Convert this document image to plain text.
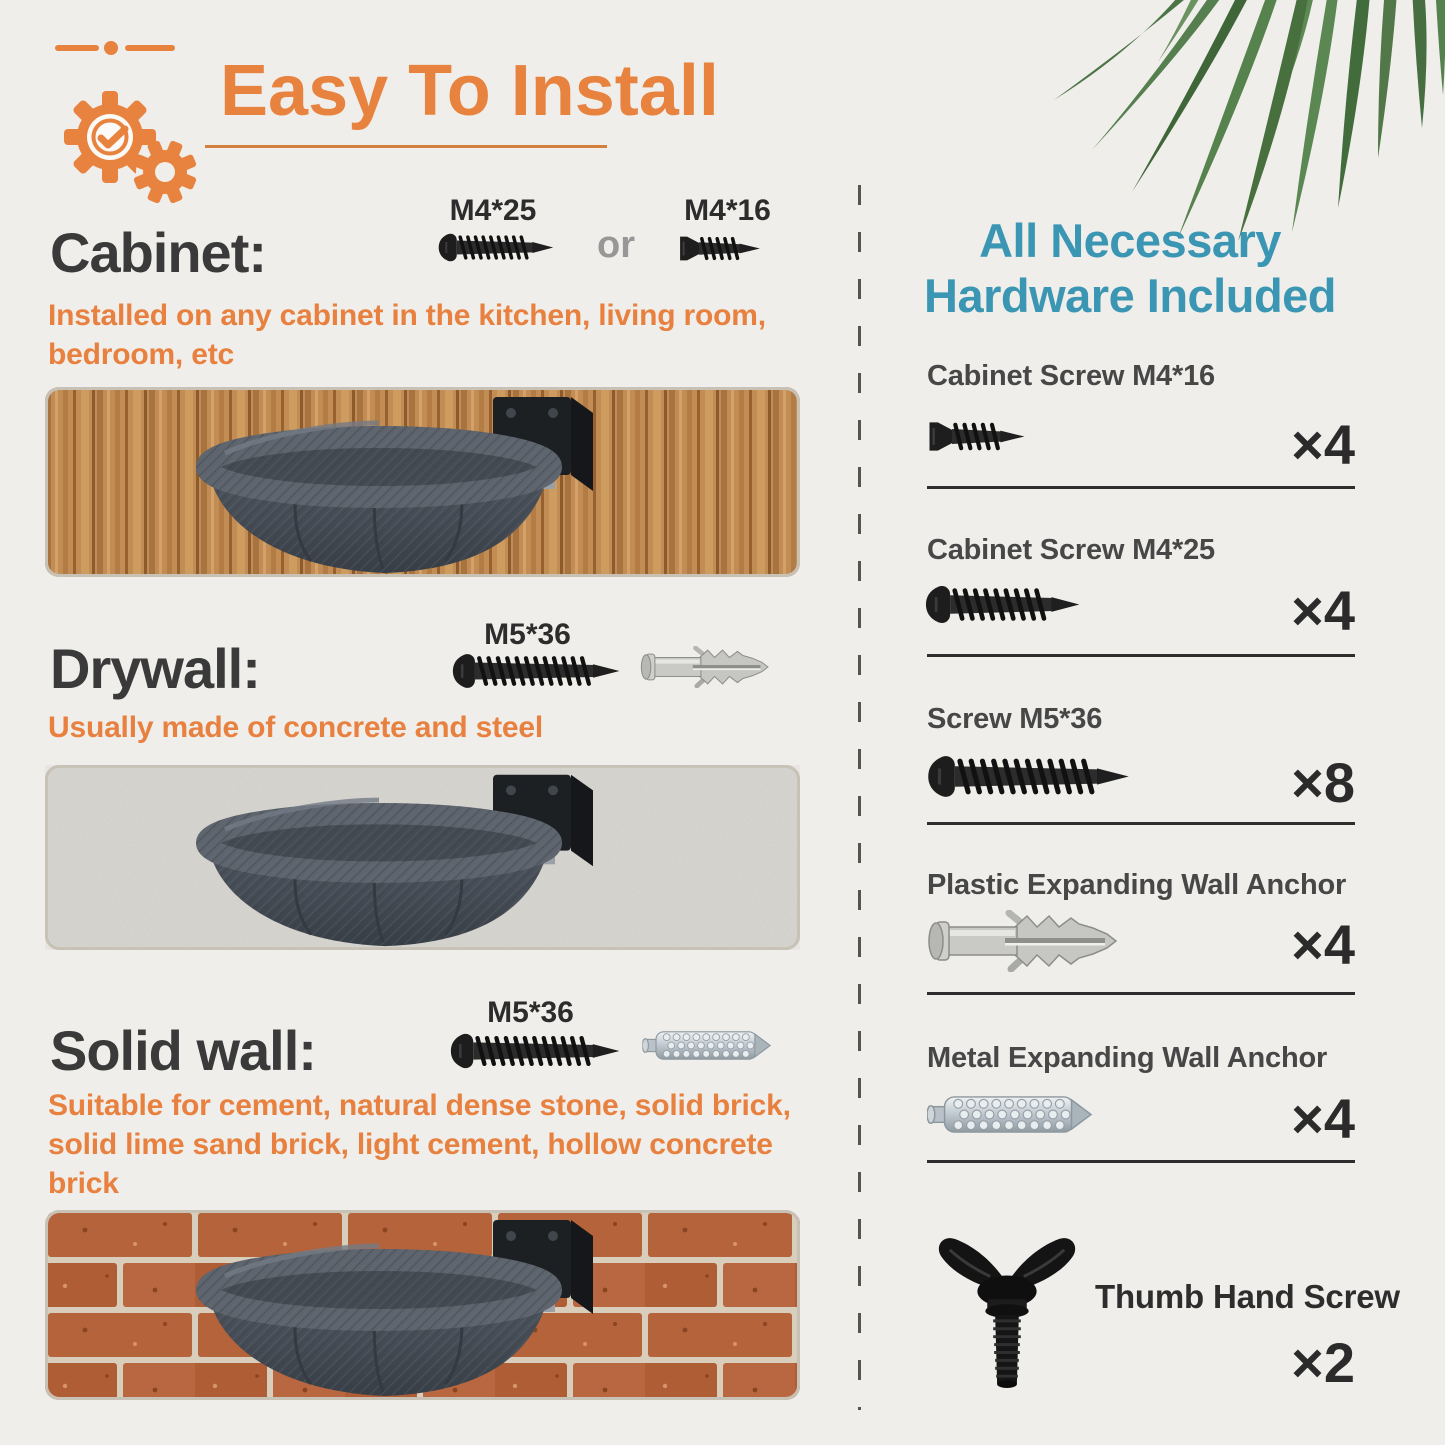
Easy To Install
Cabinet:
M4*25	M4*16
or

Installed on any cabinet in the kitchen, living room, bedroom, etc

M5*36
Drywall:

Usually made of concrete and steel

M5*36
Solid wall:

Suitable for cement, natural dense stone, solid brick, solid lime sand brick, light cement, hollow concrete brick

All Necessary
Hardware Included
Cabinet Screw M4*16
×4
Cabinet Screw M4*25
×4
Screw M5*36
×8
Plastic Expanding Wall Anchor
×4
Metal Expanding Wall Anchor
×4
Thumb Hand Screw
×2
